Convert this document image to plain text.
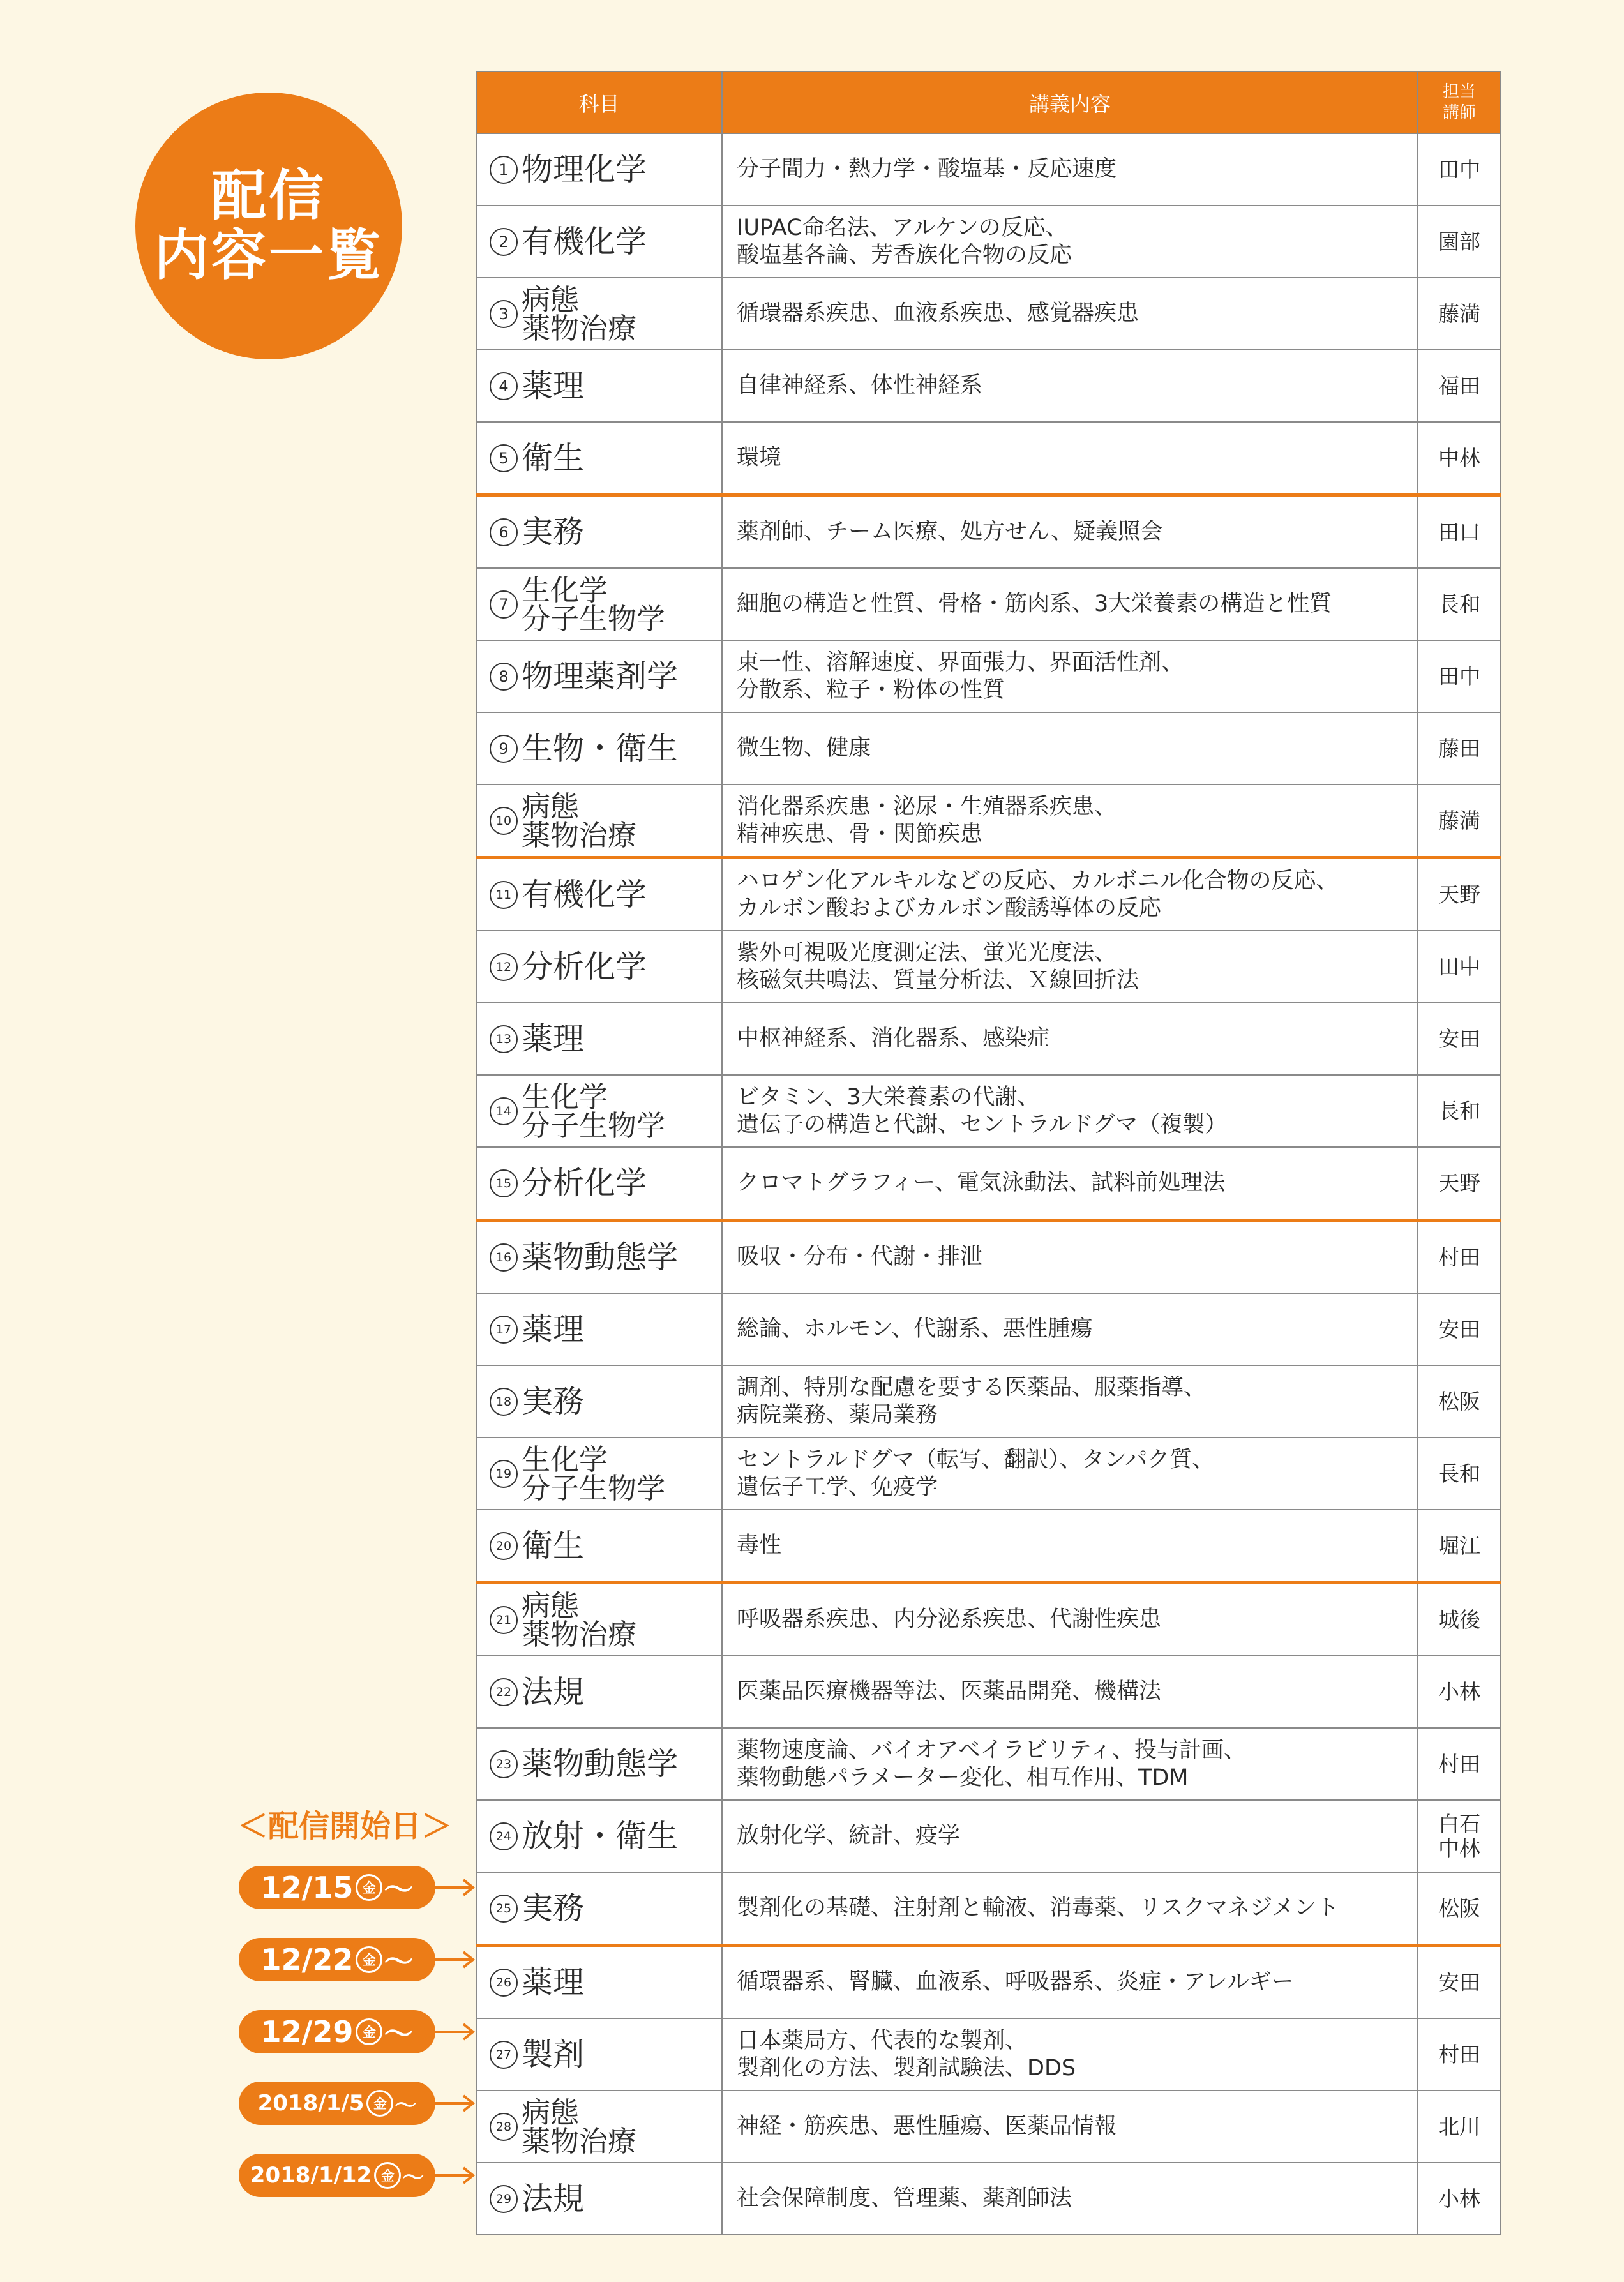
配信
内容一覧
科目	講義内容	担当
講師

1 物理化学	分子間力・熱力学・酸塩基・反応速度	田中

2 有機化学	IUPAC命名法、アルケンの反応、
酸塩基各論、芳香族化合物の反応	園部

3 病態
薬物治療	循環器系疾患、血液系疾患、感覚器疾患	藤満

4 薬理	自律神経系、体性神経系	福田

5 衛生	環境	中林

6 実務	薬剤師、チーム医療、処方せん、疑義照会	田口

7 生化学
分子生物学	細胞の構造と性質、骨格・筋肉系、3大栄養素の構造と性質	長和

8 物理薬剤学	束一性、溶解速度、界面張力、界面活性剤、
分散系、粒子・粉体の性質	田中

9 生物・衛生	微生物、健康	藤田

10 病態
薬物治療	消化器系疾患・泌尿・生殖器系疾患、
精神疾患、骨・関節疾患	藤満

11 有機化学	ハロゲン化アルキルなどの反応、カルボニル化合物の反応、
カルボン酸およびカルボン酸誘導体の反応	天野

12 分析化学	紫外可視吸光度測定法、蛍光光度法、
核磁気共鳴法、質量分析法、Ｘ線回折法	田中

13 薬理	中枢神経系、消化器系、感染症	安田

14 生化学
分子生物学	ビタミン、3大栄養素の代謝、
遺伝子の構造と代謝、セントラルドグマ（複製）	長和

15 分析化学	クロマトグラフィー、電気泳動法、試料前処理法	天野

16 薬物動態学	吸収・分布・代謝・排泄	村田

17 薬理	総論、ホルモン、代謝系、悪性腫瘍	安田

18 実務	調剤、特別な配慮を要する医薬品、服薬指導、
病院業務、薬局業務	松阪

19 生化学
分子生物学	セントラルドグマ（転写、翻訳）、タンパク質、
遺伝子工学、免疫学	長和

20 衛生	毒性	堀江

21 病態
薬物治療	呼吸器系疾患、内分泌系疾患、代謝性疾患	城後

22 法規	医薬品医療機器等法、医薬品開発、機構法	小林

23 薬物動態学	薬物速度論、バイオアベイラビリティ、投与計画、
薬物動態パラメーター変化、相互作用、TDM	村田

24 放射・衛生	放射化学、統計、疫学	白石
中林

25 実務	製剤化の基礎、注射剤と輸液、消毒薬、リスクマネジメント	松阪

26 薬理	循環器系、腎臓、血液系、呼吸器系、炎症・アレルギー	安田

27 製剤	日本薬局方、代表的な製剤、
製剤化の方法、製剤試験法、DDS	村田

28 病態
薬物治療	神経・筋疾患、悪性腫瘍、医薬品情報	北川

29 法規	社会保障制度、管理薬、薬剤師法	小林
＜配信開始日＞
12/15 金 〜
12/22 金 〜
12/29 金 〜
2018/1/5 金 〜
2018/1/12 金 〜
